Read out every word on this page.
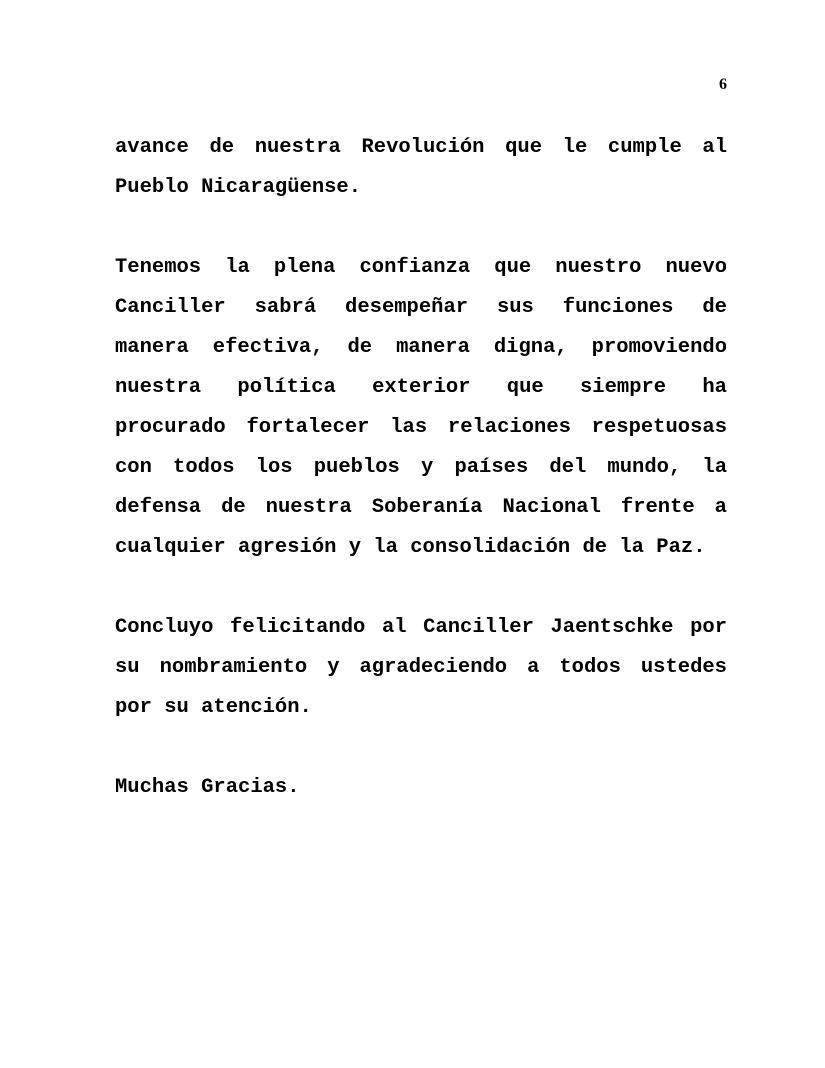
6

avance de nuestra Revolución que le cumple al Pueblo Nicaragüense.

Tenemos la plena confianza que nuestro nuevo Canciller sabrá desempeñar sus funciones de manera efectiva, de manera digna, promoviendo nuestra política exterior que siempre ha procurado fortalecer las relaciones respetuosas con todos los pueblos y países del mundo, la defensa de nuestra Soberanía Nacional frente a cualquier agresión y la consolidación de la Paz.

Concluyo felicitando al Canciller Jaentschke por su nombramiento y agradeciendo a todos ustedes por su atención.

Muchas Gracias.
